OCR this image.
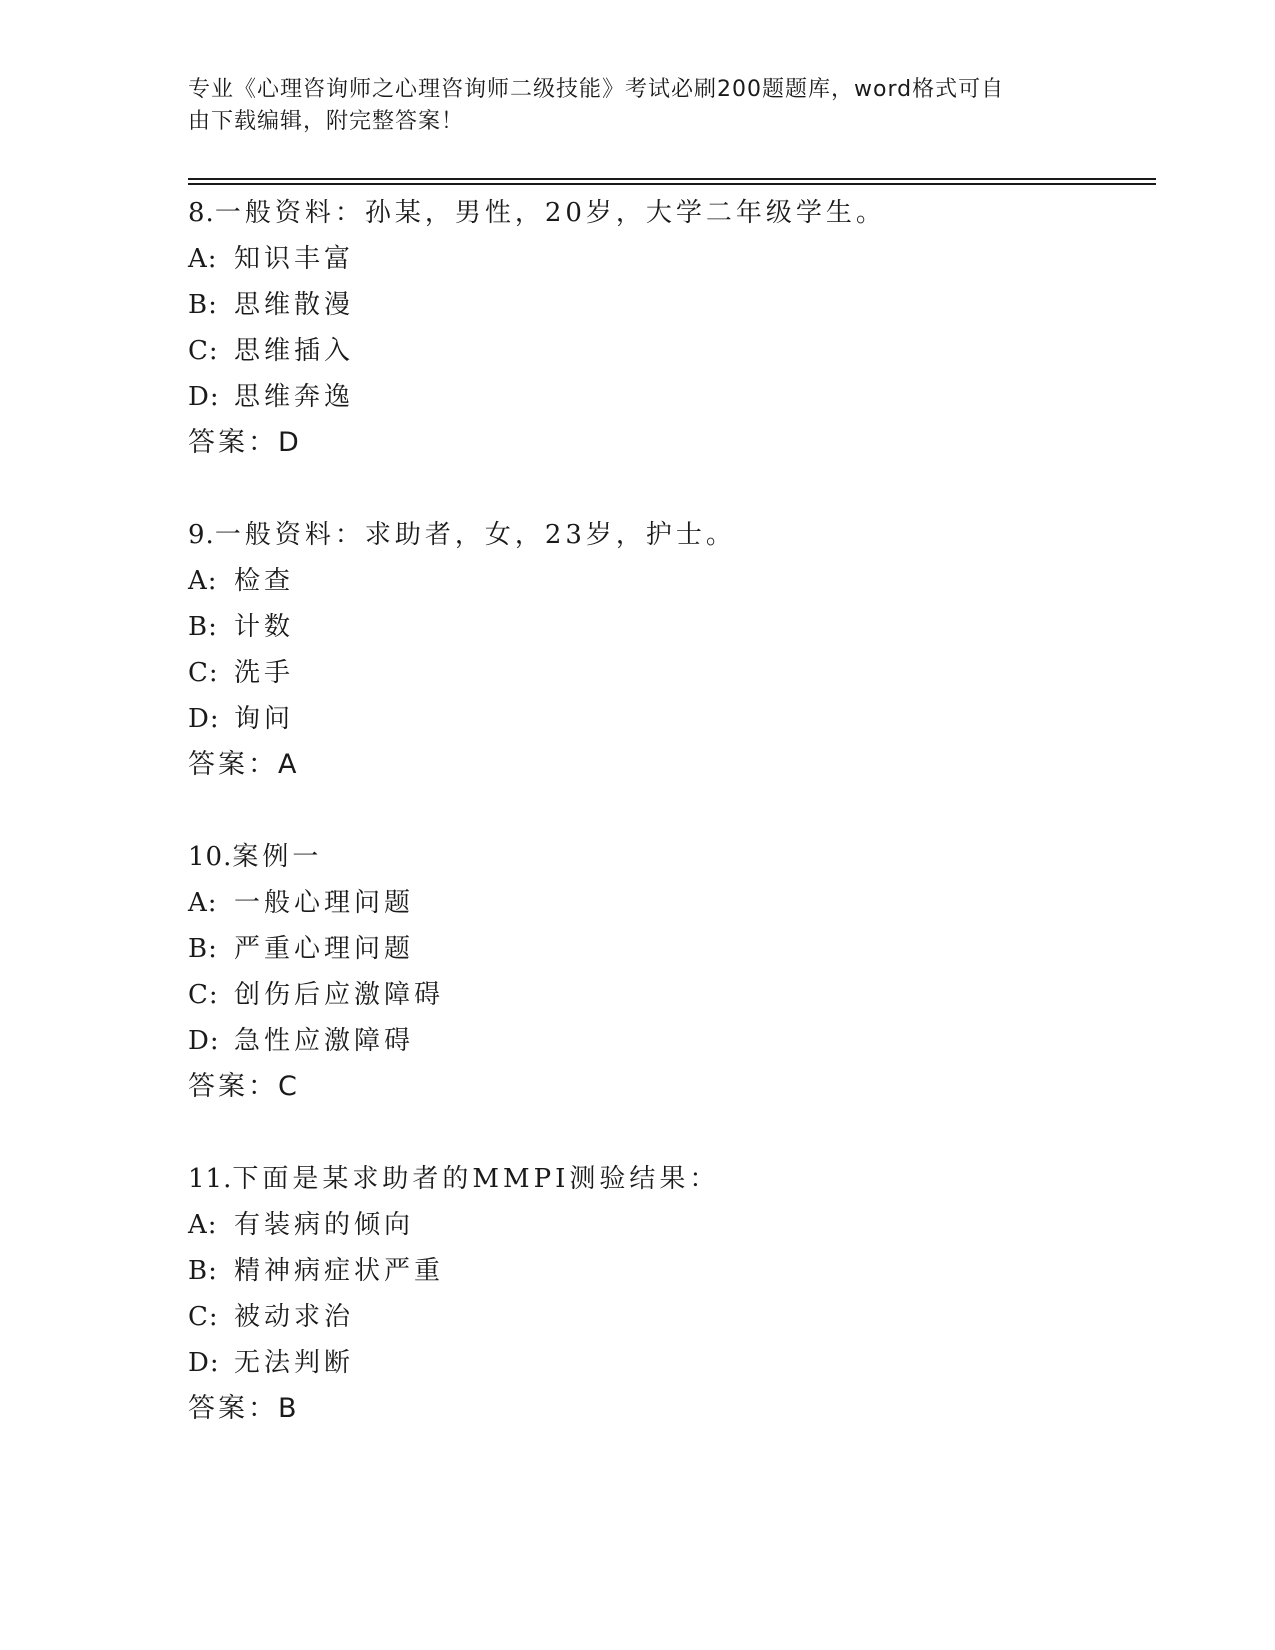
专业《心理咨询师之心理咨询师二级技能》考试必刷200题题库，word格式可自
由下载编辑，附完整答案！
8.一般资料：孙某，男性，20岁，大学二年级学生。
A: 知识丰富
B: 思维散漫
C: 思维插入
D: 思维奔逸
答案：D
9.一般资料：求助者，女，23岁，护士。
A: 检查
B: 计数
C: 洗手
D: 询问
答案：A
10.案例一
A: 一般心理问题
B: 严重心理问题
C: 创伤后应激障碍
D: 急性应激障碍
答案：C
11.下面是某求助者的MMPI测验结果：
A: 有装病的倾向
B: 精神病症状严重
C: 被动求治
D: 无法判断
答案：B
